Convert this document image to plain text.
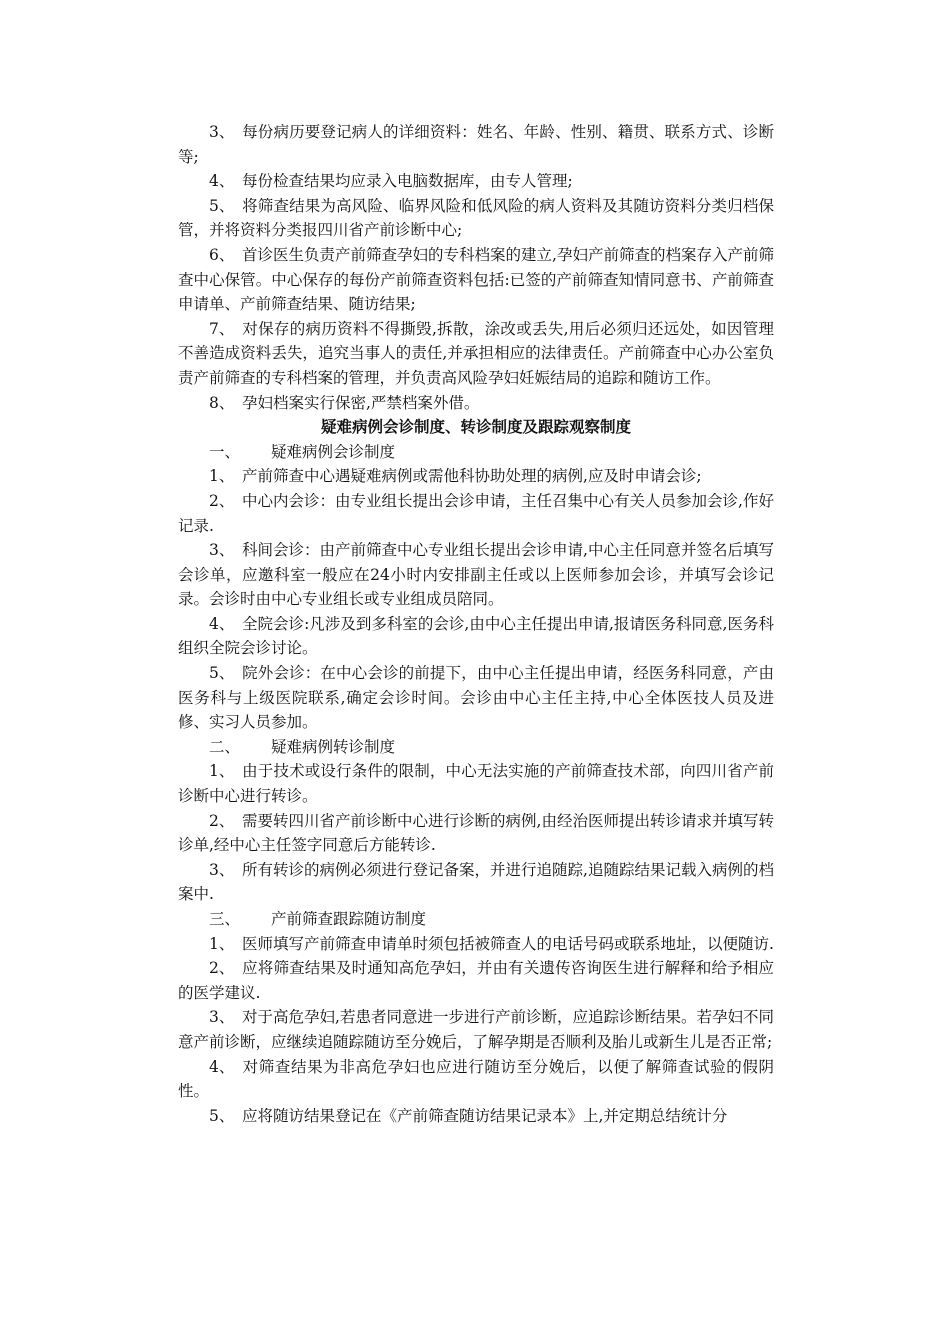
3、 每份病历要登记病人的详细资料：姓名、年龄、性别、籍贯、联系方式、诊断等;

4、 每份检查结果均应录入电脑数据库，由专人管理;

5、 将筛查结果为高风险、临界风险和低风险的病人资料及其随访资料分类归档保管，并将资料分类报四川省产前诊断中心;

6、 首诊医生负责产前筛查孕妇的专科档案的建立,孕妇产前筛查的档案存入产前筛查中心保管。中心保存的每份产前筛查资料包括:已签的产前筛查知情同意书、产前筛查申请单、产前筛查结果、随访结果;

7、 对保存的病历资料不得撕毁,拆散，涂改或丢失,用后必须归还远处，如因管理不善造成资料丢失，追究当事人的责任,并承担相应的法律责任。产前筛查中心办公室负责产前筛查的专科档案的管理，并负责高风险孕妇妊娠结局的追踪和随访工作。

8、 孕妇档案实行保密,严禁档案外借。

疑难病例会诊制度、转诊制度及跟踪观察制度

一、 疑难病例会诊制度

1、 产前筛查中心遇疑难病例或需他科协助处理的病例,应及时申请会诊;

2、 中心内会诊：由专业组长提出会诊申请，主任召集中心有关人员参加会诊,作好记录.

3、 科间会诊：由产前筛查中心专业组长提出会诊申请,中心主任同意并签名后填写会诊单，应邀科室一般应在24小时内安排副主任或以上医师参加会诊，并填写会诊记录。会诊时由中心专业组长或专业组成员陪同。

4、 全院会诊:凡涉及到多科室的会诊,由中心主任提出申请,报请医务科同意,医务科组织全院会诊讨论。

5、 院外会诊：在中心会诊的前提下，由中心主任提出申请，经医务科同意，产由医务科与上级医院联系,确定会诊时间。会诊由中心主任主持,中心全体医技人员及进修、实习人员参加。

二、 疑难病例转诊制度

1、 由于技术或设行条件的限制，中心无法实施的产前筛查技术部，向四川省产前诊断中心进行转诊。

2、 需要转四川省产前诊断中心进行诊断的病例,由经治医师提出转诊请求并填写转诊单,经中心主任签字同意后方能转诊.

3、 所有转诊的病例必须进行登记备案，并进行追随踪,追随踪结果记载入病例的档案中.

三、 产前筛查跟踪随访制度

1、 医师填写产前筛查申请单时须包括被筛查人的电话号码或联系地址，以便随访.

2、 应将筛查结果及时通知高危孕妇，并由有关遗传咨询医生进行解释和给予相应的医学建议.

3、 对于高危孕妇,若患者同意进一步进行产前诊断，应追踪诊断结果。若孕妇不同意产前诊断，应继续追随踪随访至分娩后，了解孕期是否顺利及胎儿或新生儿是否正常;

4、 对筛查结果为非高危孕妇也应进行随访至分娩后，以便了解筛查试验的假阴性。

5、 应将随访结果登记在《产前筛查随访结果记录本》上,并定期总结统计分
